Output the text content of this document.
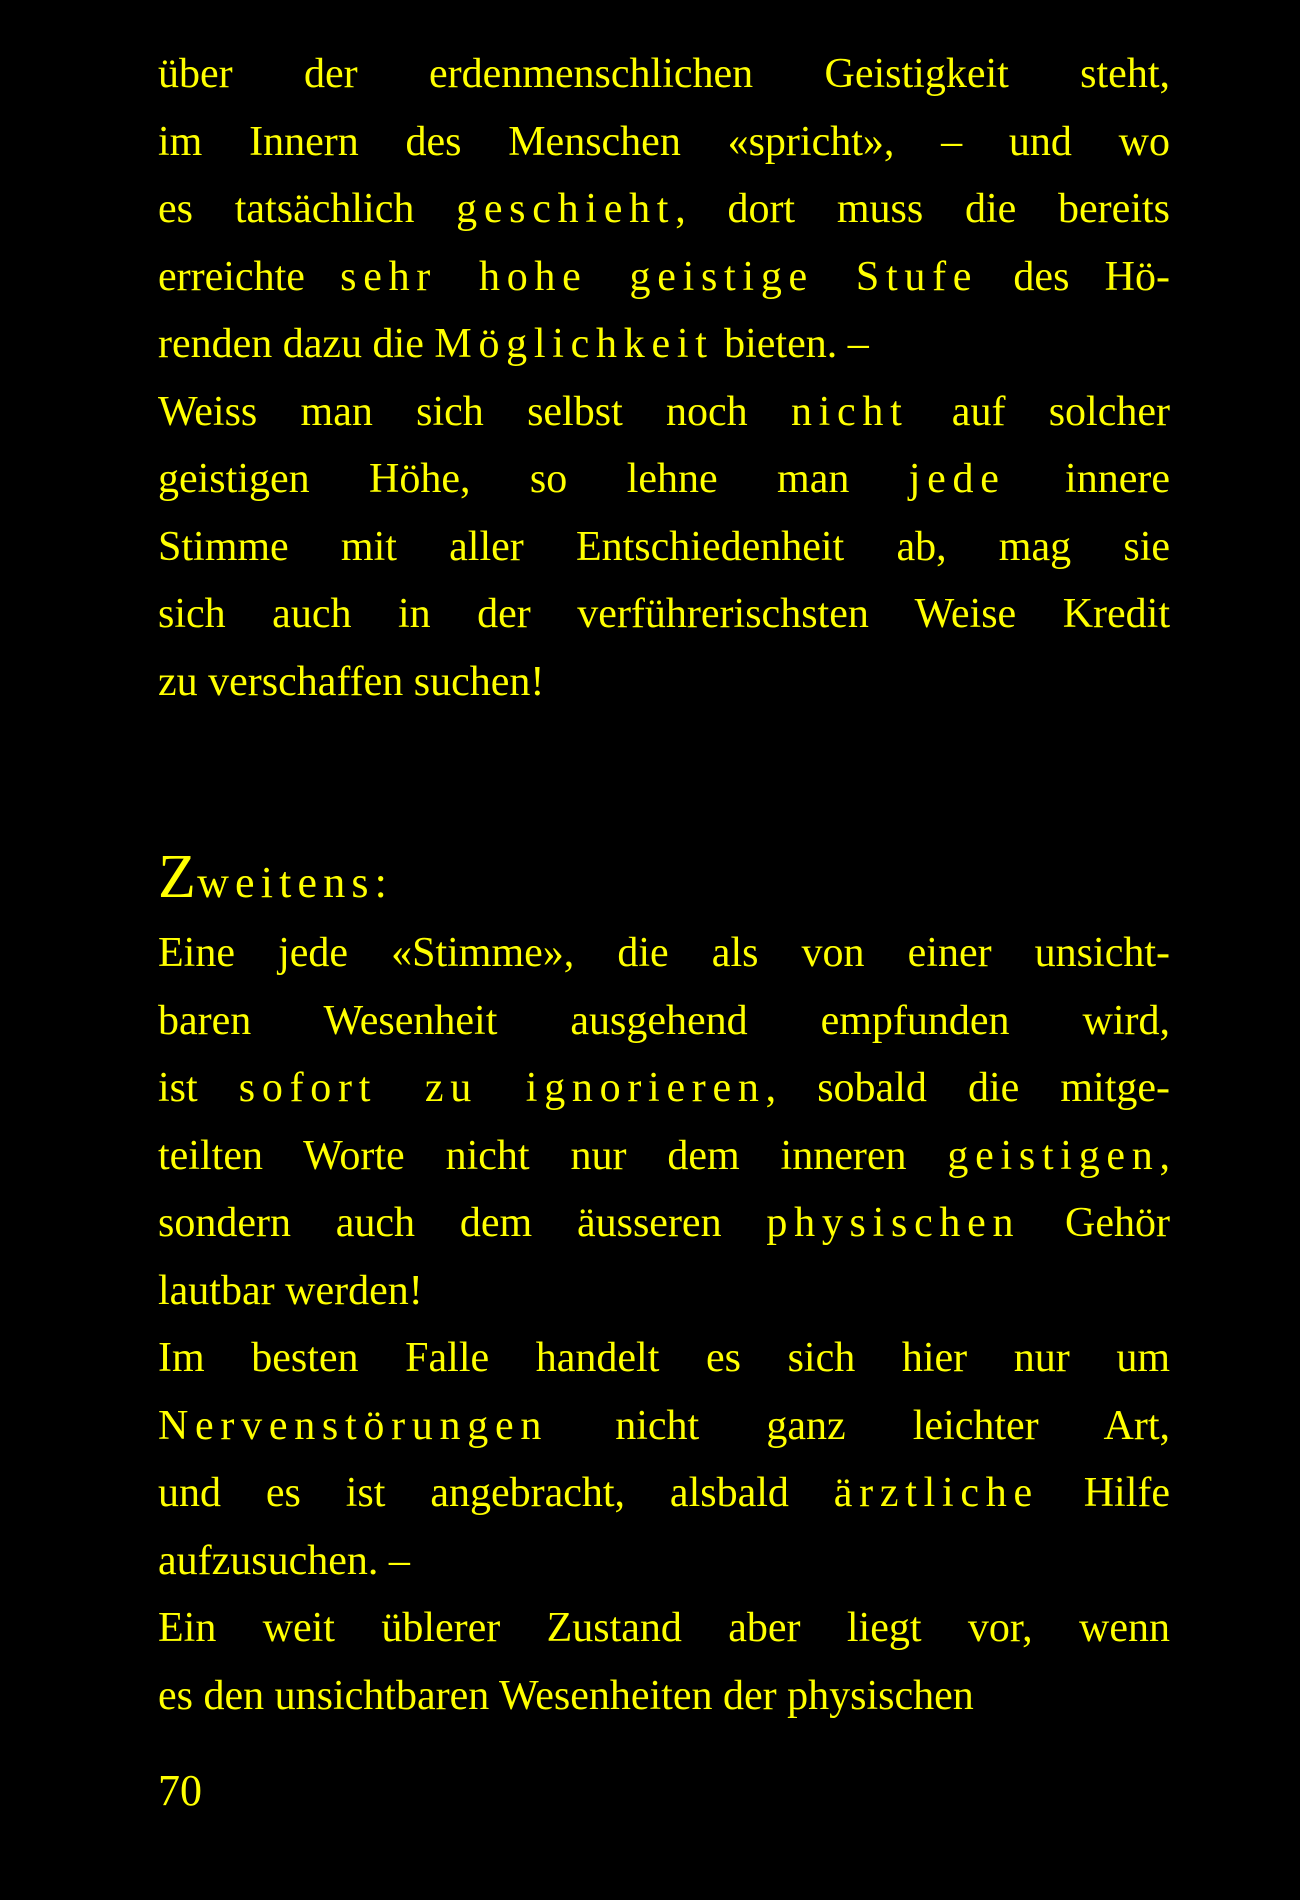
über der erdenmenschlichen Geistigkeit steht,
im Innern des Menschen «spricht», – und wo
es tatsächlich geschieht, dort muss die bereits
erreichte sehr hohe geistige Stufe des Hö-
renden dazu die Möglichkeit bieten. –
Weiss man sich selbst noch nicht auf solcher
geistigen Höhe, so lehne man jede innere
Stimme mit aller Entschiedenheit ab, mag sie
sich auch in der verführerischsten Weise Kredit
zu verschaffen suchen!
Zweitens:
Eine jede «Stimme», die als von einer unsicht-
baren Wesenheit ausgehend empfunden wird,
ist sofort zu ignorieren, sobald die mitge-
teilten Worte nicht nur dem inneren geistigen,
sondern auch dem äusseren physischen Gehör
lautbar werden!
Im besten Falle handelt es sich hier nur um
Nervenstörungen nicht ganz leichter Art,
und es ist angebracht, alsbald ärztliche Hilfe
aufzusuchen. –
Ein weit üblerer Zustand aber liegt vor, wenn
es den unsichtbaren Wesenheiten der physischen
70
